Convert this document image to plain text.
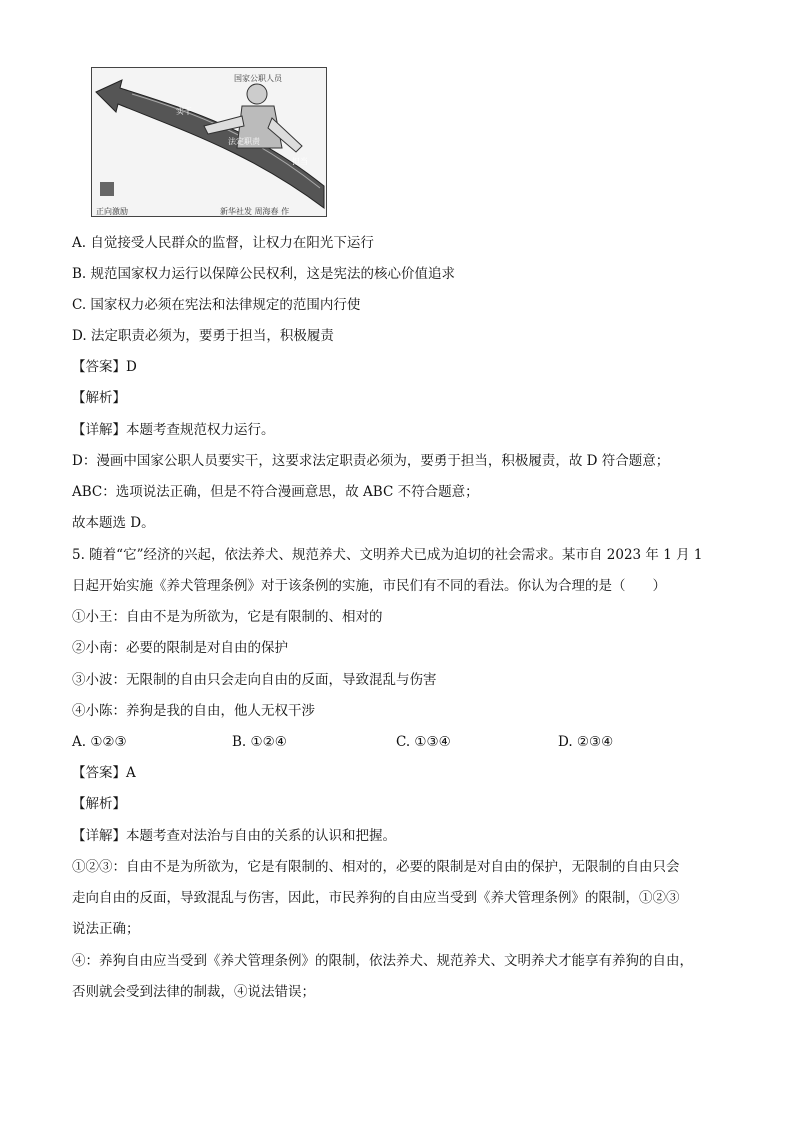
国家公职人员
实干
法定职责
担当
正向激励	新华社发 周海春 作
A. 自觉接受人民群众的监督，让权力在阳光下运行
B. 规范国家权力运行以保障公民权利，这是宪法的核心价值追求
C. 国家权力必须在宪法和法律规定的范围内行使
D. 法定职责必须为，要勇于担当，积极履责
【答案】D
【解析】
【详解】本题考查规范权力运行。
D：漫画中国家公职人员要实干，这要求法定职责必须为，要勇于担当，积极履责，故 D 符合题意；
ABC：选项说法正确，但是不符合漫画意思，故 ABC 不符合题意；
故本题选 D。
5. 随着“它”经济的兴起，依法养犬、规范养犬、文明养犬已成为迫切的社会需求。某市自 2023 年 1 月 1
日起开始实施《养犬管理条例》对于该条例的实施，市民们有不同的看法。你认为合理的是（　　）
①小王：自由不是为所欲为，它是有限制的、相对的
②小南：必要的限制是对自由的保护
③小波：无限制的自由只会走向自由的反面，导致混乱与伤害
④小陈：养狗是我的自由，他人无权干涉
A. ①②③	B. ①②④	C. ①③④	D. ②③④
【答案】A
【解析】
【详解】本题考查对法治与自由的关系的认识和把握。
①②③：自由不是为所欲为，它是有限制的、相对的，必要的限制是对自由的保护，无限制的自由只会
走向自由的反面，导致混乱与伤害，因此，市民养狗的自由应当受到《养犬管理条例》的限制，①②③
说法正确；
④：养狗自由应当受到《养犬管理条例》的限制，依法养犬、规范养犬、文明养犬才能享有养狗的自由，
否则就会受到法律的制裁，④说法错误；
